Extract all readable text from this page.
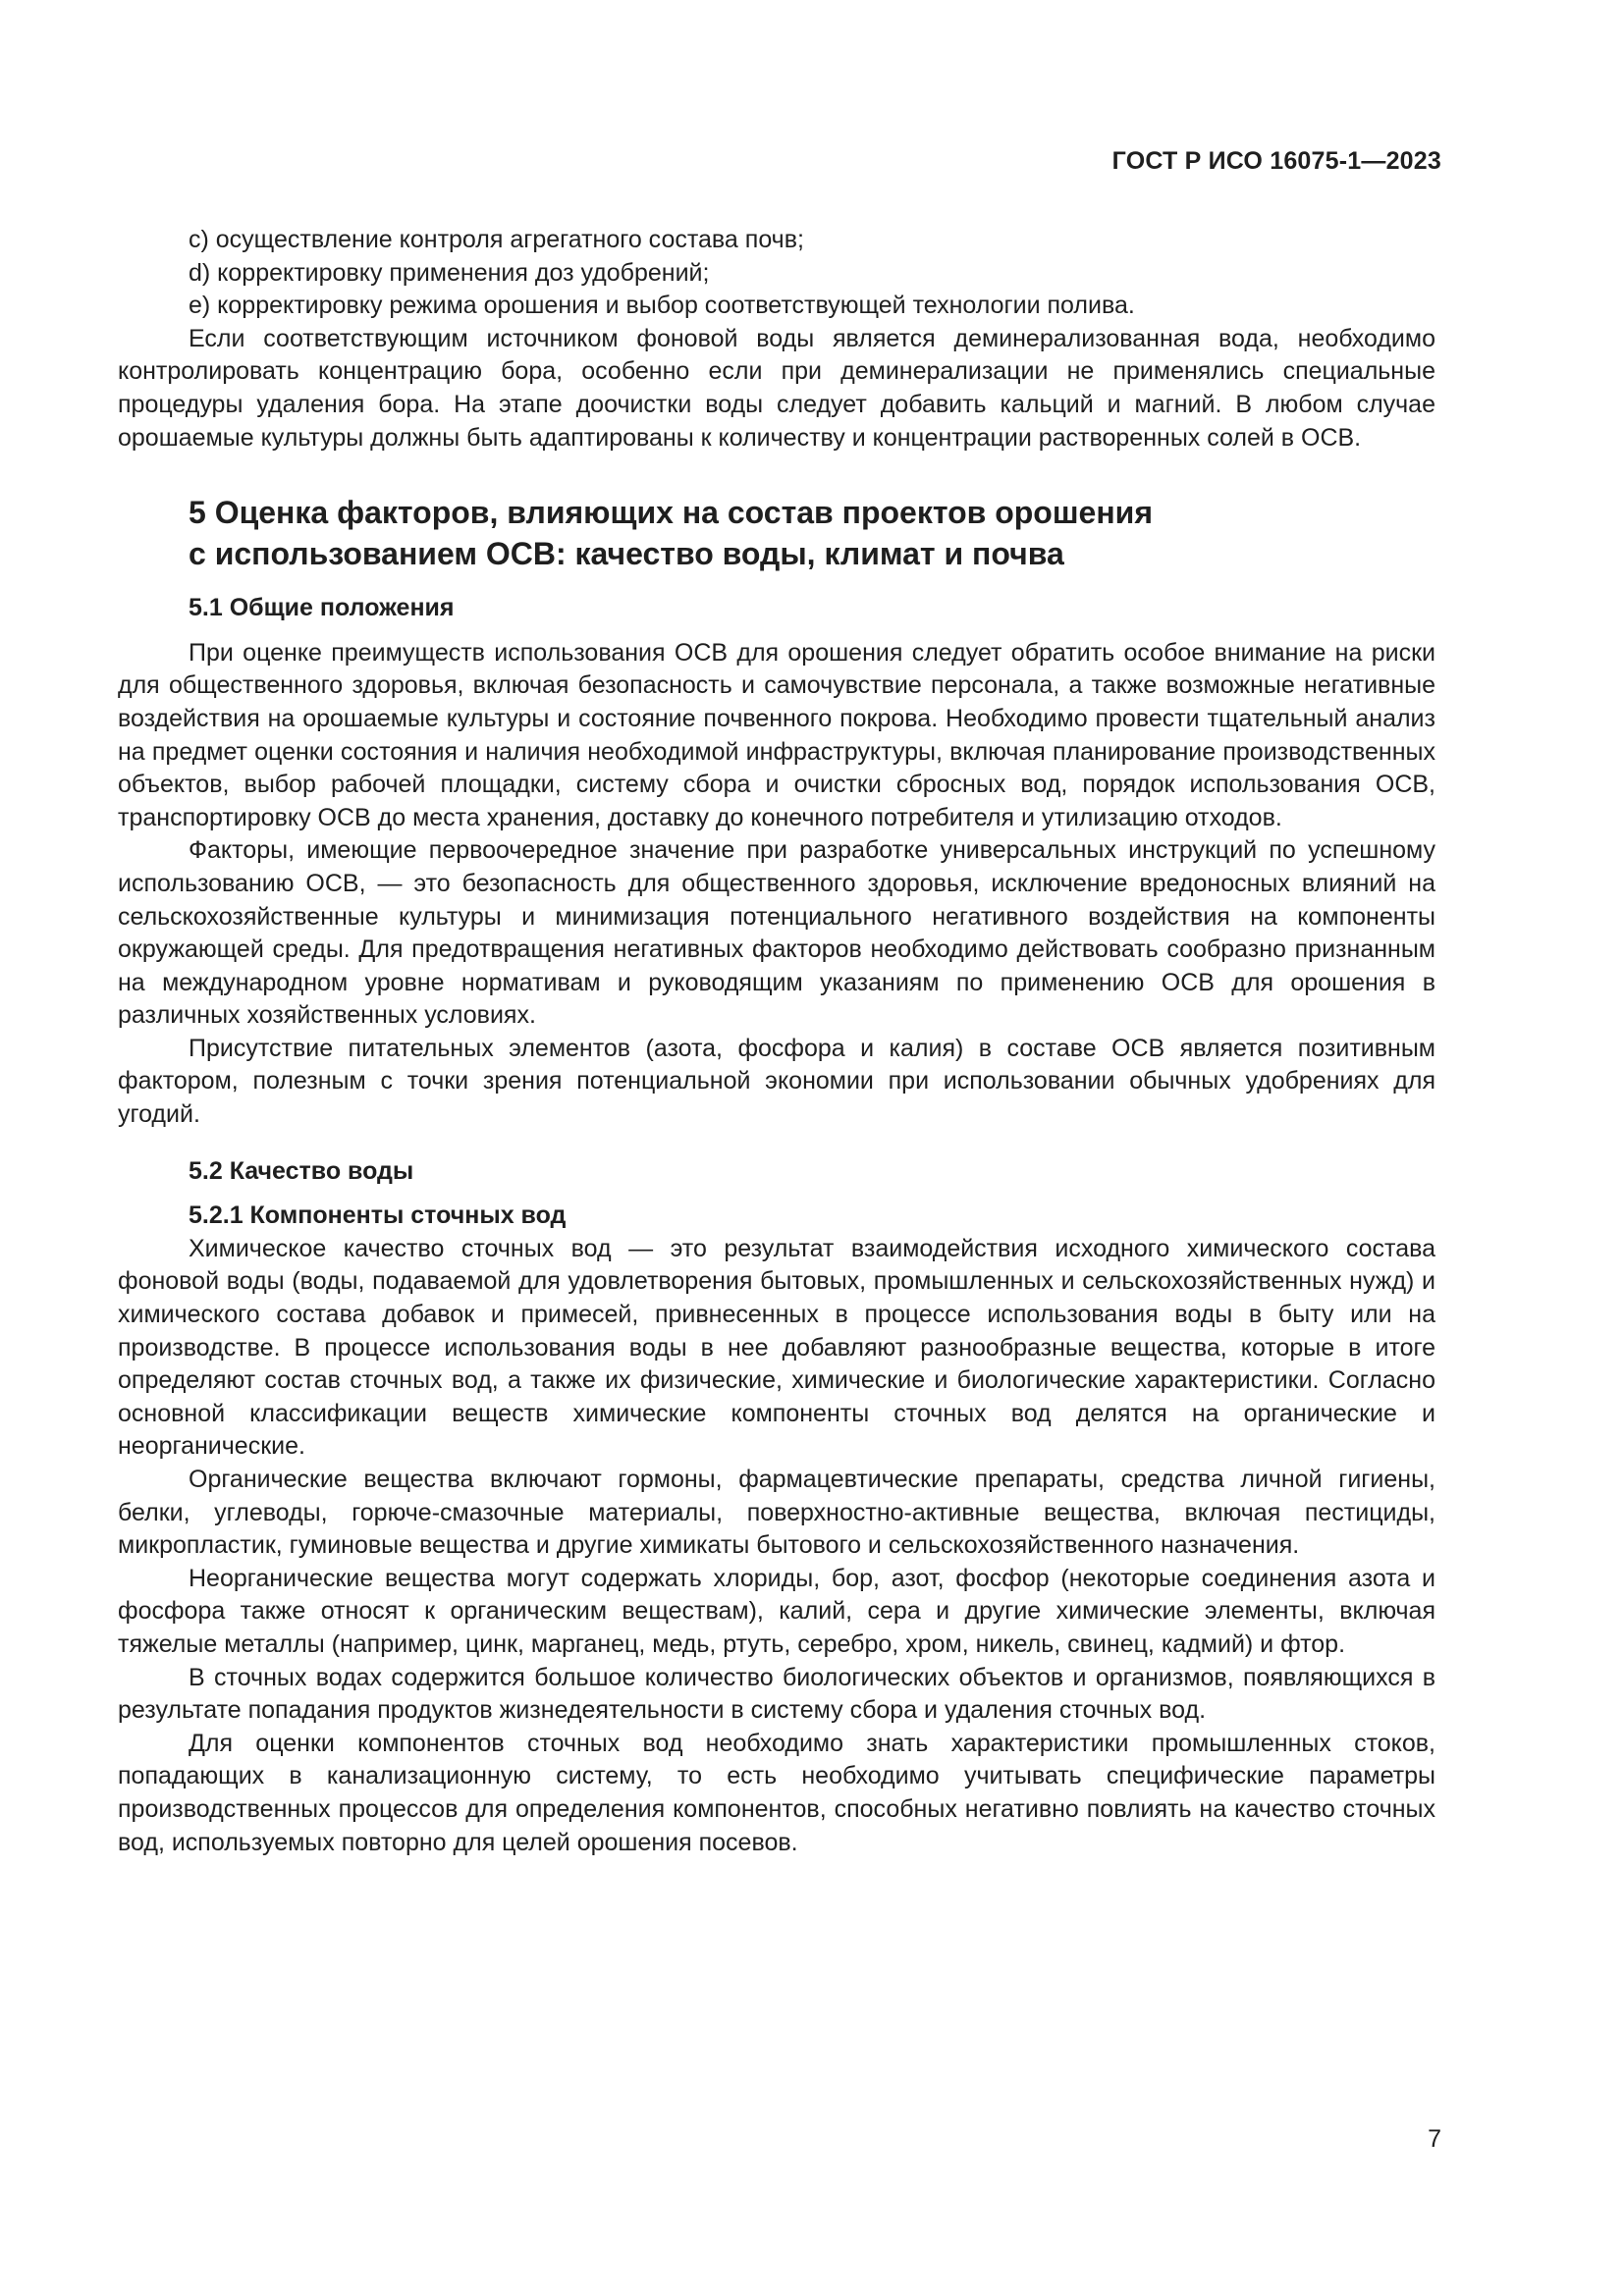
ГОСТ Р ИСО 16075-1—2023

c) осуществление контроля агрегатного состава почв;

d) корректировку применения доз удобрений;

e) корректировку режима орошения и выбор соответствующей технологии полива.

Если соответствующим источником фоновой воды является деминерализованная вода, необходимо контролировать концентрацию бора, особенно если при деминерализации не применялись специальные процедуры удаления бора. На этапе доочистки воды следует добавить кальций и магний. В любом случае орошаемые культуры должны быть адаптированы к количеству и концентрации растворенных солей в ОСВ.

5 Оценка факторов, влияющих на состав проектов орошения
с использованием ОСВ: качество воды, климат и почва
5.1 Общие положения

При оценке преимуществ использования ОСВ для орошения следует обратить особое внимание на риски для общественного здоровья, включая безопасность и самочувствие персонала, а также возможные негативные воздействия на орошаемые культуры и состояние почвенного покрова. Необходимо провести тщательный анализ на предмет оценки состояния и наличия необходимой инфраструктуры, включая планирование производственных объектов, выбор рабочей площадки, систему сбора и очистки сбросных вод, порядок использования ОСВ, транспортировку ОСВ до места хранения, доставку до конечного потребителя и утилизацию отходов.

Факторы, имеющие первоочередное значение при разработке универсальных инструкций по успешному использованию ОСВ, — это безопасность для общественного здоровья, исключение вредоносных влияний на сельскохозяйственные культуры и минимизация потенциального негативного воздействия на компоненты окружающей среды. Для предотвращения негативных факторов необходимо действовать сообразно признанным на международном уровне нормативам и руководящим указаниям по применению ОСВ для орошения в различных хозяйственных условиях.

Присутствие питательных элементов (азота, фосфора и калия) в составе ОСВ является позитивным фактором, полезным с точки зрения потенциальной экономии при использовании обычных удобрениях для угодий.

5.2 Качество воды
5.2.1 Компоненты сточных вод

Химическое качество сточных вод — это результат взаимодействия исходного химического состава фоновой воды (воды, подаваемой для удовлетворения бытовых, промышленных и сельскохозяйственных нужд) и химического состава добавок и примесей, привнесенных в процессе использования воды в быту или на производстве. В процессе использования воды в нее добавляют разнообразные вещества, которые в итоге определяют состав сточных вод, а также их физические, химические и биологические характеристики. Согласно основной классификации веществ химические компоненты сточных вод делятся на органические и неорганические.

Органические вещества включают гормоны, фармацевтические препараты, средства личной гигиены, белки, углеводы, горюче-смазочные материалы, поверхностно-активные вещества, включая пестициды, микропластик, гуминовые вещества и другие химикаты бытового и сельскохозяйственного назначения.

Неорганические вещества могут содержать хлориды, бор, азот, фосфор (некоторые соединения азота и фосфора также относят к органическим веществам), калий, сера и другие химические элементы, включая тяжелые металлы (например, цинк, марганец, медь, ртуть, серебро, хром, никель, свинец, кадмий) и фтор.

В сточных водах содержится большое количество биологических объектов и организмов, появляющихся в результате попадания продуктов жизнедеятельности в систему сбора и удаления сточных вод.

Для оценки компонентов сточных вод необходимо знать характеристики промышленных стоков, попадающих в канализационную систему, то есть необходимо учитывать специфические параметры производственных процессов для определения компонентов, способных негативно повлиять на качество сточных вод, используемых повторно для целей орошения посевов.

7
